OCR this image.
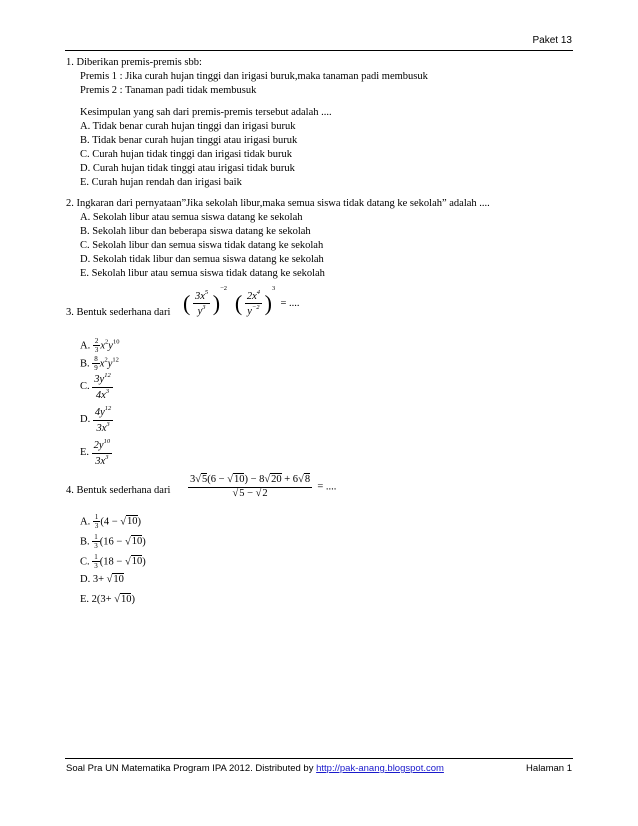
Paket 13
1. Diberikan premis-premis sbb:
Premis 1 : Jika curah hujan tinggi dan irigasi buruk,maka tanaman padi membusuk
Premis 2 : Tanaman padi tidak membusuk
Kesimpulan yang sah dari premis-premis tersebut adalah ....
A. Tidak benar curah hujan tinggi dan irigasi buruk
B. Tidak benar curah hujan tinggi atau irigasi buruk
C. Curah hujan tidak tinggi dan irigasi tidak buruk
D. Curah hujan tidak tinggi atau irigasi tidak buruk
E. Curah hujan rendah dan irigasi baik
2. Ingkaran dari pernyataan”Jika sekolah libur,maka semua siswa tidak datang ke sekolah” adalah ....
A. Sekolah libur atau semua siswa datang ke sekolah
B. Sekolah libur dan beberapa siswa datang ke sekolah
C. Sekolah libur dan semua siswa tidak datang ke sekolah
D. Sekolah tidak libur dan semua siswa datang ke sekolah
E. Sekolah libur atau semua siswa tidak datang ke sekolah
3. Bentuk sederhana dari ( $\frac{3x^5}{y^3} )^{-2}$   ( $\frac{2x^4}{y^{-2}} )^3$  = ....
A. $\frac{2}{3} x^2y^{10}$
B. $\frac{8}{9} x^2y^{12}$
C. $\frac{3y^{12}}{4x^3}$
D. $\frac{4y^{12}}{3x^3}$
E. $\frac{2y^{10}}{3x^3}$
4. Bentuk sederhana dari $\frac{3√5(6 - √10) - 8√20 + 6√8}{√5 - √2}$ = ....
A. $\frac{1}{3} (4 - √10)$
B. $\frac{1}{3} (16 - √10)$
C. $\frac{1}{3} (18 - √10)$
D. 3+ √10
E. 2(3+ √10)
Soal Pra UN Matematika Program IPA 2012. Distributed by http://pak-anang.blogspot.com	Halaman 1
